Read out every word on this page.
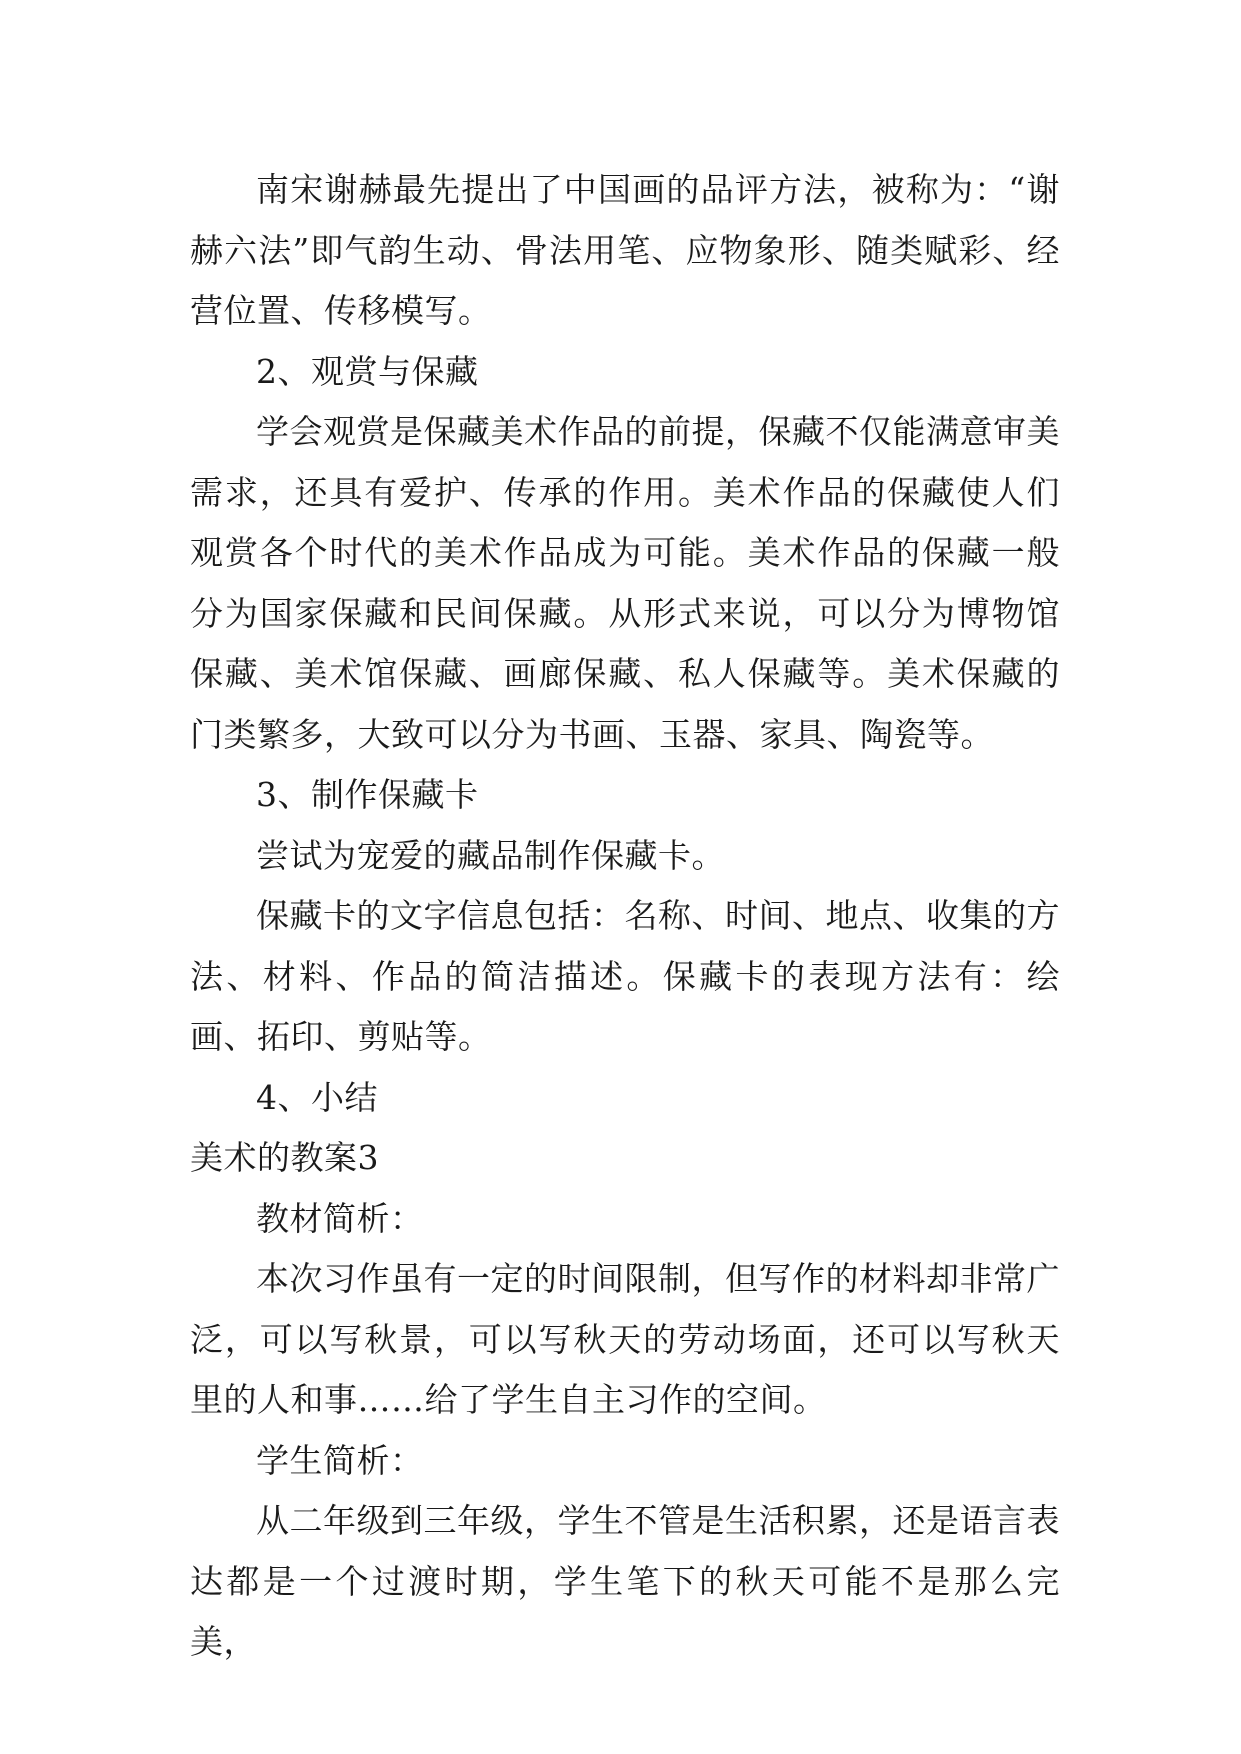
南宋谢赫最先提出了中国画的品评方法，被称为：“谢赫六法”即气韵生动、骨法用笔、应物象形、随类赋彩、经营位置、传移模写。

2、观赏与保藏

学会观赏是保藏美术作品的前提，保藏不仅能满意审美需求，还具有爱护、传承的作用。美术作品的保藏使人们观赏各个时代的美术作品成为可能。美术作品的保藏一般分为国家保藏和民间保藏。从形式来说，可以分为博物馆保藏、美术馆保藏、画廊保藏、私人保藏等。美术保藏的门类繁多，大致可以分为书画、玉器、家具、陶瓷等。

3、制作保藏卡

尝试为宠爱的藏品制作保藏卡。

保藏卡的文字信息包括：名称、时间、地点、收集的方法、材料、作品的简洁描述。保藏卡的表现方法有：绘画、拓印、剪贴等。

4、小结

美术的教案3

教材简析：

本次习作虽有一定的时间限制，但写作的材料却非常广泛，可以写秋景，可以写秋天的劳动场面，还可以写秋天里的人和事……给了学生自主习作的空间。

学生简析：

从二年级到三年级，学生不管是生活积累，还是语言表达都是一个过渡时期，学生笔下的秋天可能不是那么完美，
